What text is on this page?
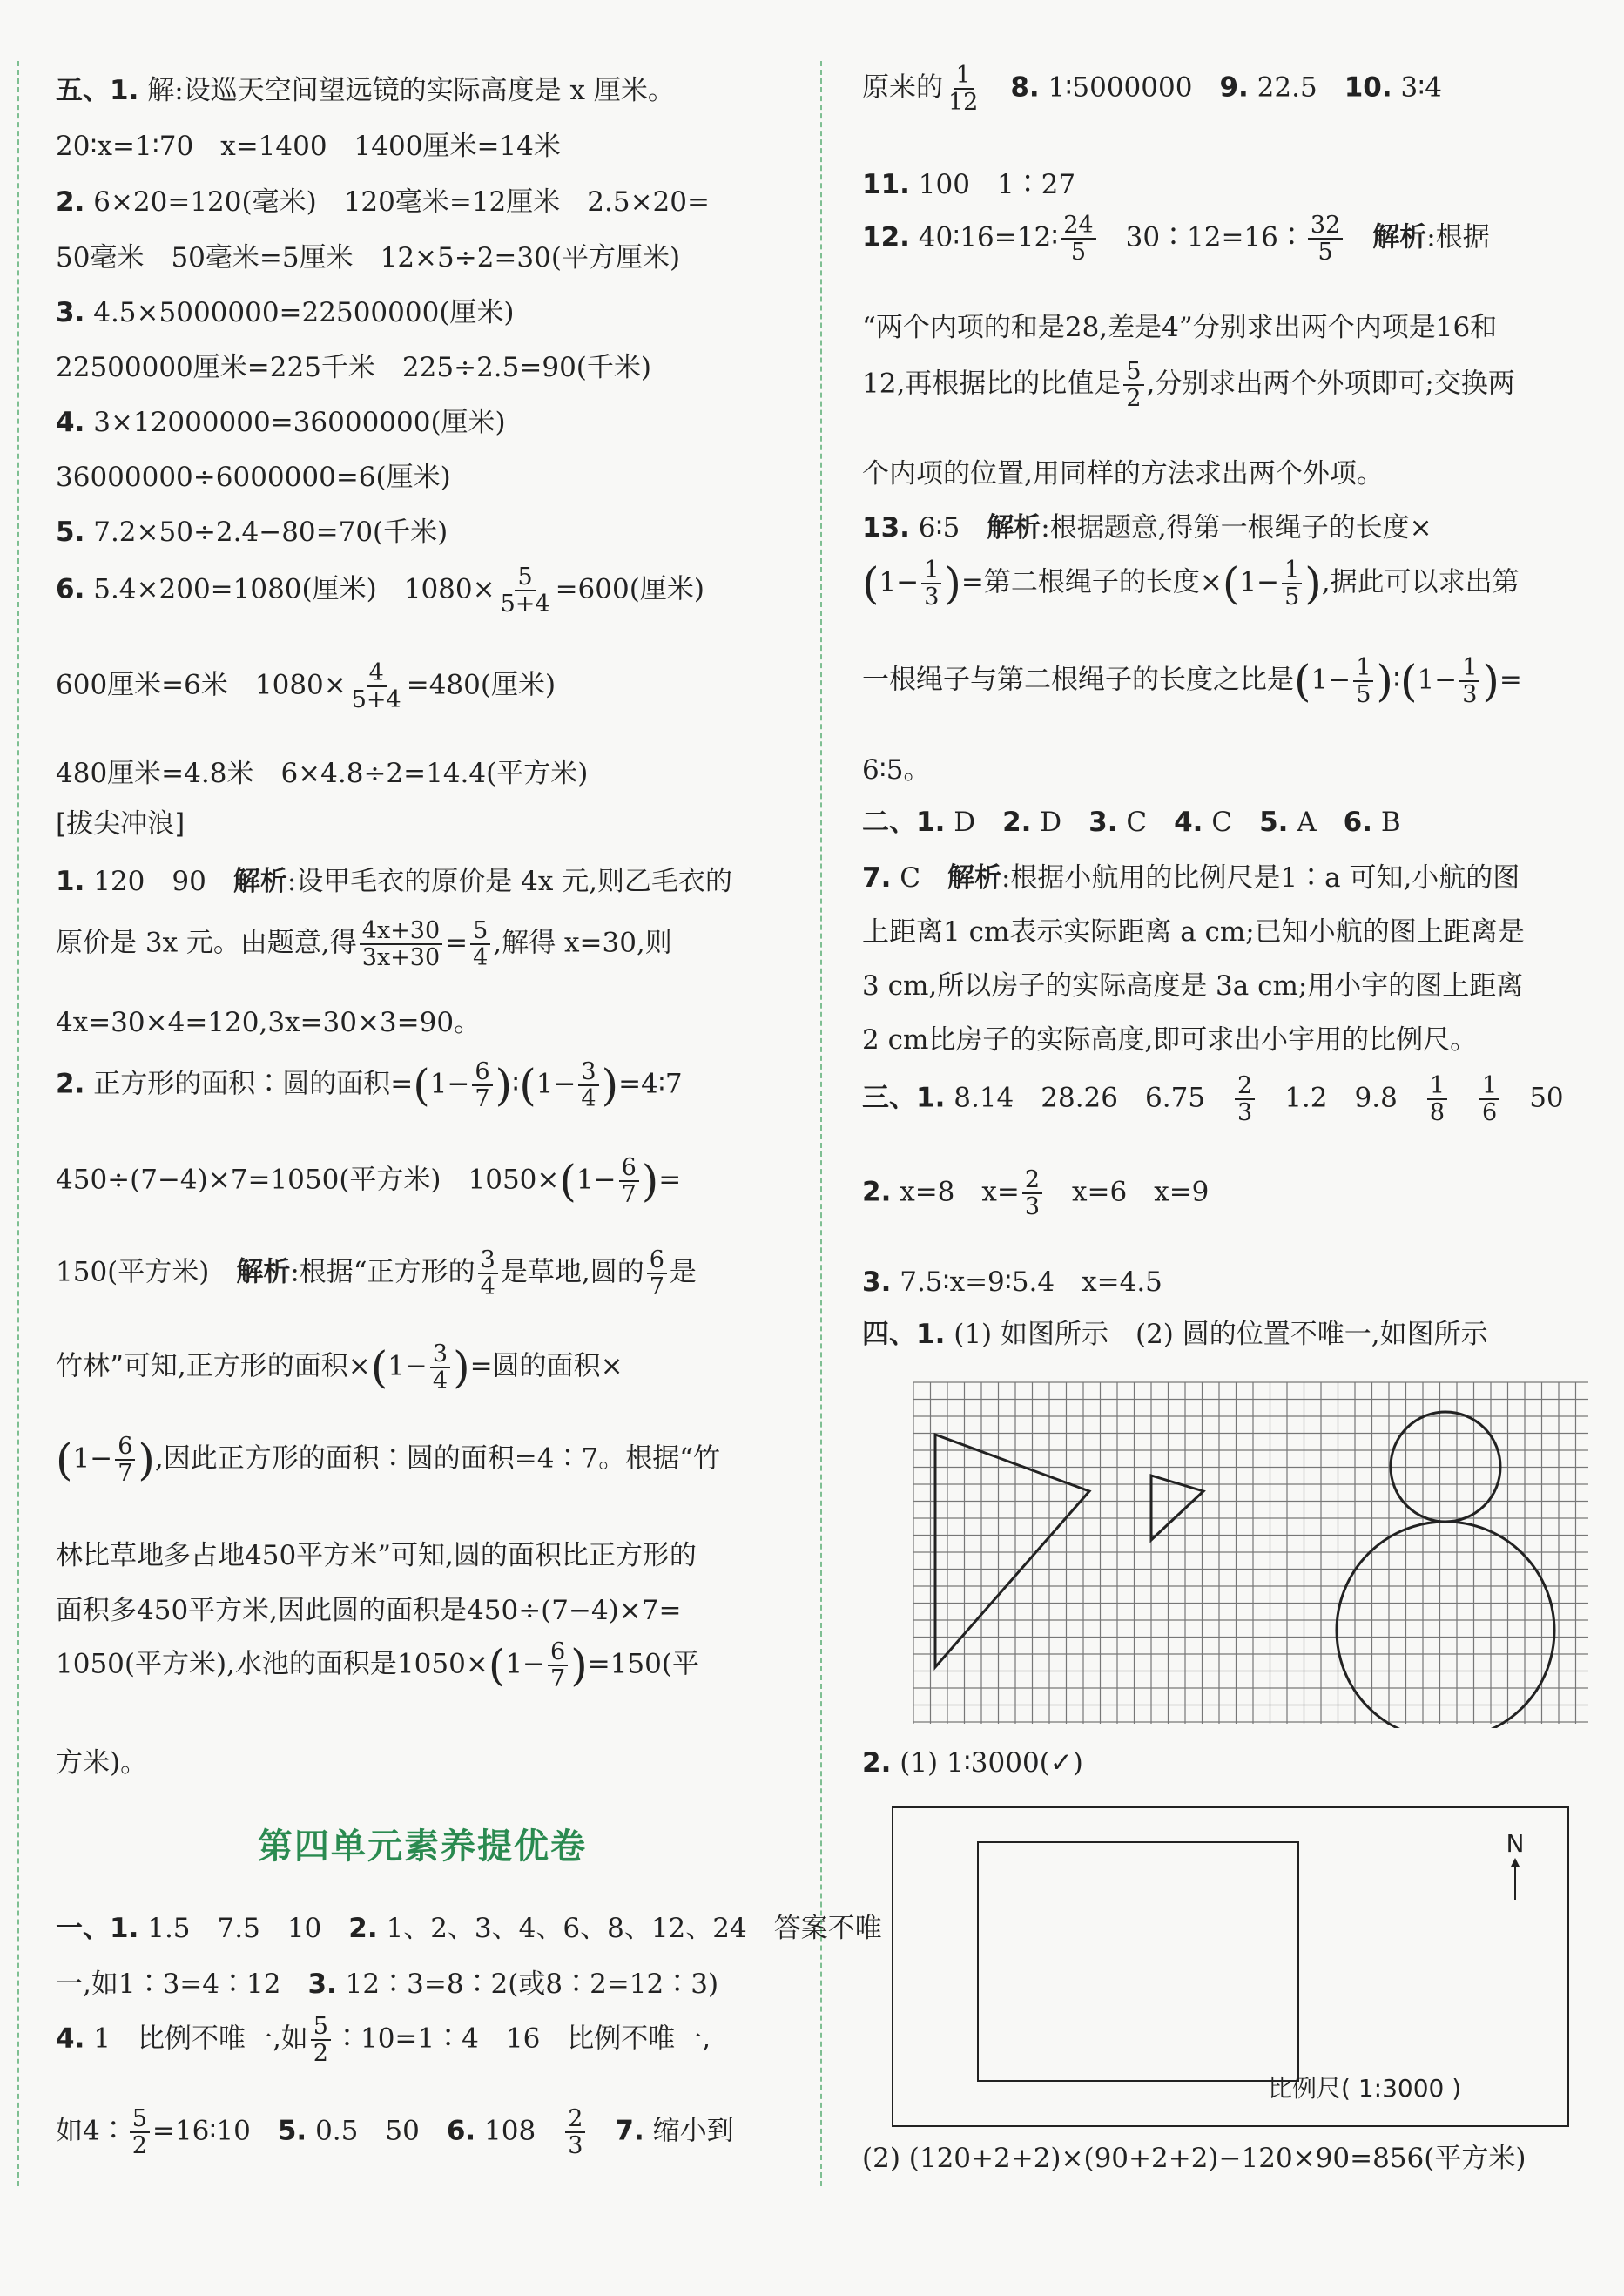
五、1. 解:设巡天空间望远镜的实际高度是 x 厘米。
20∶x=1∶70　x=1400　1400厘米=14米
2. 6×20=120(毫米)　120毫米=12厘米　2.5×20=
50毫米　50毫米=5厘米　12×5÷2=30(平方厘米)
3. 4.5×5000000=22500000(厘米)
22500000厘米=225千米　225÷2.5=90(千米)
4. 3×12000000=36000000(厘米)
36000000÷6000000=6(厘米)
5. 7.2×50÷2.4−80=70(千米)
6. 5.4×200=1080(厘米)　$1080\times \frac{5}{5+4} =600$(厘米)
600厘米=6米　$1080\times \frac{4}{5+4} =480$(厘米)
480厘米=4.8米　6×4.8÷2=14.4(平方米)
[拔尖冲浪]
1. 120　90　 解析:设甲毛衣的原价是 4x 元,则乙毛衣的
原价是 3x 元。由题意,得 $\frac{4x+30}{3x+30} = \frac{5}{4}$ ,解得 x=30,则
4x=30×4=120,3x=30×3=90。
2. 正方形的面积∶圆的面积$=(1- \frac{6}{7}$ )∶(1− $\frac{3}{4}$ )=4∶7
450÷(7−4)×7=1050(平方米)　$1050\times(1- \frac{6}{7}$ )=
150(平方米)　 解析:根据“正方形的 $\frac{3}{4}$ 是草地,圆的 $\frac{6}{7}$ 是
竹林”可知,正方形的面积$\times(1- \frac{3}{4}$ )=圆的面积×
($1- \frac{6}{7}$ ),因此正方形的面积∶圆的面积=4∶7。根据“竹
林比草地多占地450平方米”可知,圆的面积比正方形的
面积多450平方米,因此圆的面积是450÷(7−4)×7=
1050(平方米),水池的面积是$1050\times(1- \frac{6}{7} )=150$(平
方米)。
第四单元素养提优卷
一、1. 1.5　7.5　10　 2. 1、2、3、4、6、8、12、24　答案不唯
一,如1∶3=4∶12　 3. 12∶3=8∶2(或8∶2=12∶3)
4. 1　比例不唯一,如 $\frac{5}{2}$ ∶10=1∶4　16　比例不唯一,
如4∶ $\frac{5}{2}$ =16∶10　 5. 0.5　50　 6. 108　 $\frac{2}{3}$
　 7. 缩小到
原来的 $\frac{1}{12}$
　 8. 1∶5000000　 9. 22.5　 10. 3∶4
11. 100　1∶27
12. 40∶16=12∶ $\frac{24}{5}$
　 30∶12=16∶ $\frac{32}{5}$
　 解析:根据
“两个内项的和是28,差是4”分别求出两个内项是16和
12,再根据比的比值是 $\frac{5}{2}$ ,分别求出两个外项即可;交换两
个内项的位置,用同样的方法求出两个外项。
13. 6∶5　 解析:根据题意,得第一根绳子的长度×
($1- \frac{1}{3}$ )=第二根绳子的长度$\times(1- \frac{1}{5}$ ),据此可以求出第
一根绳子与第二根绳子的长度之比是($1- \frac{1}{5}$ )∶(1− $\frac{1}{3}$ )=
6∶5。
二、1. D　 2. D　 3. C　 4. C　 5. A　 6. B
7. C　 解析:根据小航用的比例尺是1∶a 可知,小航的图
上距离1 cm表示实际距离 a cm;已知小航的图上距离是
3 cm,所以房子的实际高度是 3a cm;用小宇的图上距离
2 cm比房子的实际高度,即可求出小宇用的比例尺。
三、1. 8.14　28.26　6.75　 $\frac{2}{3}$
　 1.2　9.8　 $\frac{1}{8}$
　 $\frac{1}{6}$
　 50
2. x=8　$x= \frac{2}{3}$
　 x=6　x=9
3. 7.5∶x=9∶5.4　x=4.5
四、1. (1) 如图所示　(2) 圆的位置不唯一,如图所示
2. (1) 1∶3000(✓)
N
比例尺( 1:3000 )
(2) (120+2+2)×(90+2+2)−120×90=856(平方米)
